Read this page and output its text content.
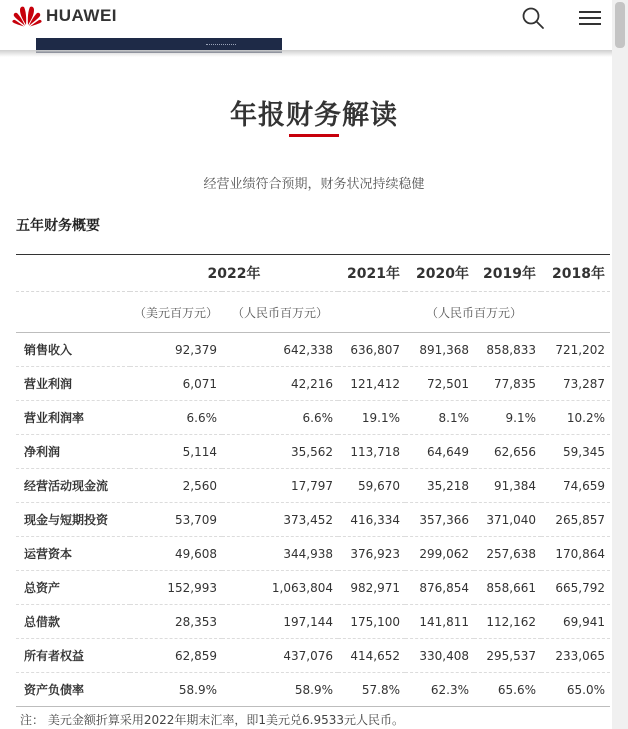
HUAWEI
年报财务解读
经营业绩符合预期，财务状况持续稳健
五年财务概要
	2022年		2021年	2020年	2019年	2018年
	（美元百万元）	（人民币百万元）	（人民币百万元）			
销售收入	92,379	642,338	636,807	891,368	858,833	721,202
营业利润	6,071	42,216	121,412	72,501	77,835	73,287
营业利润率	6.6%	6.6%	19.1%	8.1%	9.1%	10.2%
净利润	5,114	35,562	113,718	64,649	62,656	59,345
经营活动现金流	2,560	17,797	59,670	35,218	91,384	74,659
现金与短期投资	53,709	373,452	416,334	357,366	371,040	265,857
运营资本	49,608	344,938	376,923	299,062	257,638	170,864
总资产	152,993	1,063,804	982,971	876,854	858,661	665,792
总借款	28,353	197,144	175,100	141,811	112,162	69,941
所有者权益	62,859	437,076	414,652	330,408	295,537	233,065
资产负债率	58.9%	58.9%	57.8%	62.3%	65.6%	65.0%
注： 美元金额折算采用2022年期末汇率，即1美元兑6.9533元人民币。
